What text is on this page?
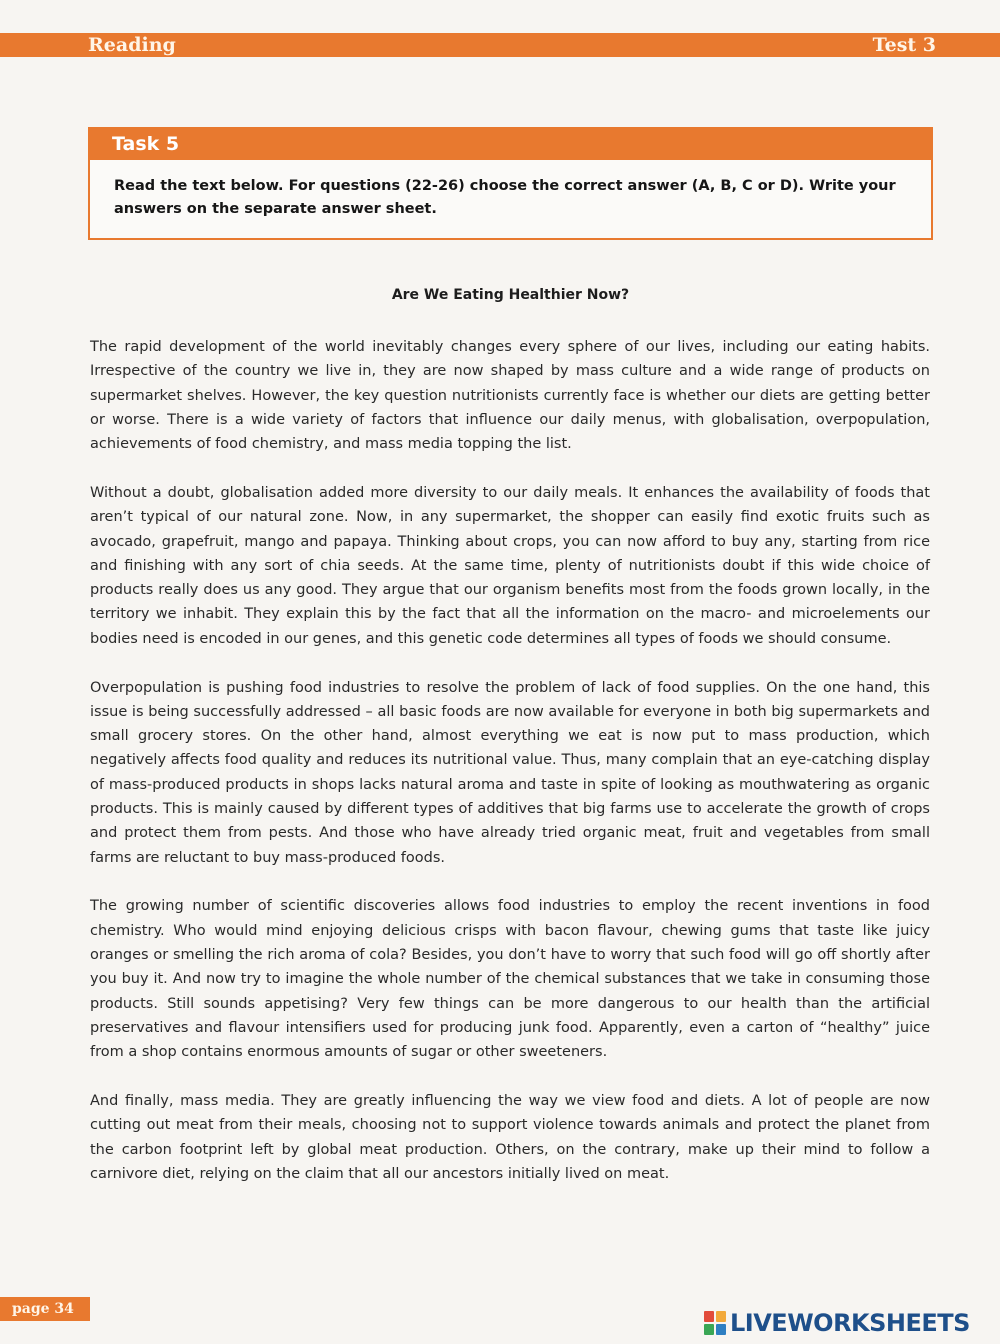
Reading	Test 3
Task 5
Read the text below. For questions (22-26) choose the correct answer (A, B, C or D). Write your answers on the separate answer sheet.
Are We Eating Healthier Now?

The rapid development of the world inevitably changes every sphere of our lives, including our eating habits. Irrespective of the country we live in, they are now shaped by mass culture and a wide range of products on supermarket shelves. However, the key question nutritionists currently face is whether our diets are getting better or worse. There is a wide variety of factors that influence our daily menus, with globalisation, overpopulation, achievements of food chemistry, and mass media topping the list.

Without a doubt, globalisation added more diversity to our daily meals. It enhances the availability of foods that aren’t typical of our natural zone. Now, in any supermarket, the shopper can easily find exotic fruits such as avocado, grapefruit, mango and papaya. Thinking about crops, you can now afford to buy any, starting from rice and finishing with any sort of chia seeds. At the same time, plenty of nutritionists doubt if this wide choice of products really does us any good. They argue that our organism benefits most from the foods grown locally, in the territory we inhabit. They explain this by the fact that all the information on the macro- and microelements our bodies need is encoded in our genes, and this genetic code determines all types of foods we should consume.

Overpopulation is pushing food industries to resolve the problem of lack of food supplies. On the one hand, this issue is being successfully addressed – all basic foods are now available for everyone in both big supermarkets and small grocery stores. On the other hand, almost everything we eat is now put to mass production, which negatively affects food quality and reduces its nutritional value. Thus, many complain that an eye-catching display of mass-produced products in shops lacks natural aroma and taste in spite of looking as mouthwatering as organic products. This is mainly caused by different types of additives that big farms use to accelerate the growth of crops and protect them from pests. And those who have already tried organic meat, fruit and vegetables from small farms are reluctant to buy mass-produced foods.

The growing number of scientific discoveries allows food industries to employ the recent inventions in food chemistry. Who would mind enjoying delicious crisps with bacon flavour, chewing gums that taste like juicy oranges or smelling the rich aroma of cola? Besides, you don’t have to worry that such food will go off shortly after you buy it. And now try to imagine the whole number of the chemical substances that we take in consuming those products. Still sounds appetising? Very few things can be more dangerous to our health than the artificial preservatives and flavour intensifiers used for producing junk food. Apparently, even a carton of “healthy” juice from a shop contains enormous amounts of sugar or other sweeteners.

And finally, mass media. They are greatly influencing the way we view food and diets. A lot of people are now cutting out meat from their meals, choosing not to support violence towards animals and protect the planet from the carbon footprint left by global meat production. Others, on the contrary, make up their mind to follow a carnivore diet, relying on the claim that all our ancestors initially lived on meat.

page 34	LIVEWORKSHEETS
